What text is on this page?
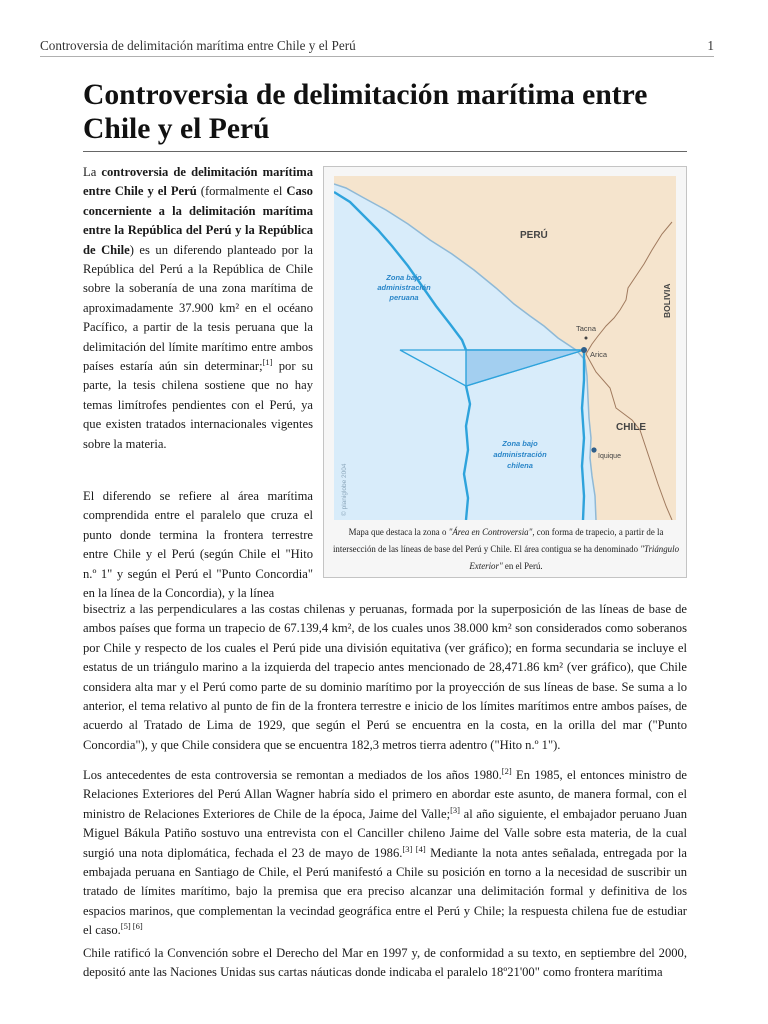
Controversia de delimitación marítima entre Chile y el Perú	1
Controversia de delimitación marítima entre
Chile y el Perú

La controversia de delimitación marítima entre Chile y el Perú (formalmente el Caso concerniente a la delimitación marítima entre la República del Perú y la República de Chile) es un diferendo planteado por la República del Perú a la República de Chile sobre la soberanía de una zona marítima de aproximadamente 37.900 km² en el océano Pacífico, a partir de la tesis peruana que la delimitación del límite marítimo entre ambos países estaría aún sin determinar;[1] por su parte, la tesis chilena sostiene que no hay temas limítrofes pendientes con el Perú, ya que existen tratados internacionales vigentes sobre la materia.

El diferendo se refiere al área marítima comprendida entre el paralelo que cruza el punto donde termina la frontera terrestre entre Chile y el Perú (según Chile el "Hito n.º 1" y según el Perú el "Punto Concordia" en la línea de la Concordia), y la línea

bisectriz a las perpendiculares a las costas chilenas y peruanas, formada por la superposición de las líneas de base de ambos países que forma un trapecio de 67.139,4 km², de los cuales unos 38.000 km² son considerados como soberanos por Chile y respecto de los cuales el Perú pide una división equitativa (ver gráfico); en forma secundaria se incluye el estatus de un triángulo marino a la izquierda del trapecio antes mencionado de 28,471.86 km² (ver gráfico), que Chile considera alta mar y el Perú como parte de su dominio marítimo por la proyección de sus líneas de base. Se suma a lo anterior, el tema relativo al punto de fin de la frontera terrestre e inicio de los límites marítimos entre ambos países, de acuerdo al Tratado de Lima de 1929, que según el Perú se encuentra en la costa, en la orilla del mar ("Punto Concordia"), y que Chile considera que se encuentra 182,3 metros tierra adentro ("Hito n.º 1").

Los antecedentes de esta controversia se remontan a mediados de los años 1980.[2] En 1985, el entonces ministro de Relaciones Exteriores del Perú Allan Wagner habría sido el primero en abordar este asunto, de manera formal, con el ministro de Relaciones Exteriores de Chile de la época, Jaime del Valle;[3] al año siguiente, el embajador peruano Juan Miguel Bákula Patiño sostuvo una entrevista con el Canciller chileno Jaime del Valle sobre esta materia, de la cual surgió una nota diplomática, fechada el 23 de mayo de 1986.[3] [4] Mediante la nota antes señalada, entregada por la embajada peruana en Santiago de Chile, el Perú manifestó a Chile su posición en torno a la necesidad de suscribir un tratado de límites marítimo, bajo la premisa que era preciso alcanzar una delimitación formal y definitiva de los espacios marinos, que complementan la vecindad geográfica entre el Perú y Chile; la respuesta chilena fue de estudiar el caso.[5] [6]

Chile ratificó la Convención sobre el Derecho del Mar en 1997 y, de conformidad a su texto, en septiembre del 2000, depositó ante las Naciones Unidas sus cartas náuticas donde indicaba el paralelo 18º21'00" como frontera marítima

PERÚ
BOLIVIA
CHILE
Tacna
Arica
Iquique
Zona bajo
administración
peruana
Zona bajo
administración
chilena
© planiglobe 2004

Mapa que destaca la zona o "Área en Controversia", con forma de trapecio, a partir de la intersección de las líneas de base del Perú y Chile. El área contigua se ha denominado "Triángulo Exterior" en el Perú.
